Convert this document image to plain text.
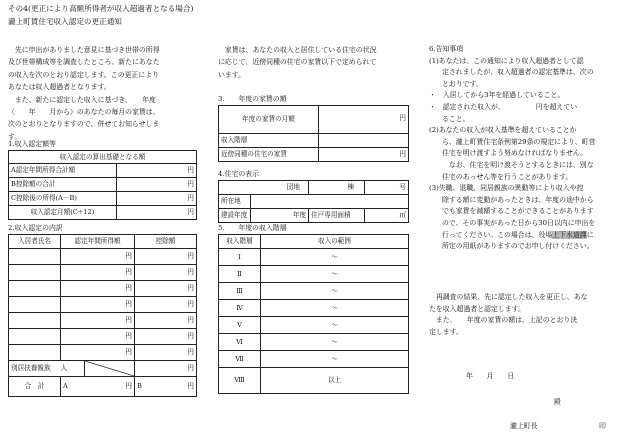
その4(更正により高額所得者が収入超過者となる場合)
瀧上町賃住宅収入認定の更正通知

　先に申出がありました意見に基づき世帯の所得

及び世帯構成等を調査したところ、新たにあなた

の収入を次のとおり認定します。この更正により

あなたは収入超過者となります。

　また、新たに認定した収入に基づき、　　年度

（　　年　　月から）のあなたの毎月の家賃は、

次のとおりとなりますので、併せてお知らせしま

す。

1.収入認定額等
収入認定の算出基礎となる額	
A認定年間所得合計額	円
B控除額の合計	円
C控除後の所得(A－B)	円
収入認定月額(C÷12)	円
2.収入認定の内訳
入居者氏名	認定年間所得額		控除額
	円		円
	円		円
	円		円
	円		円
	円		円
	円		円
	円		円
別居扶養親族 人			円
合　計	A 円		B 円

　家賃は、あなたの収入と居住している住宅の状況

に応じて、近傍同種の住宅の家賃以下で定められて

います。

3.　　年度の家賃の額
年度の家賃の月額	円
収入階層	
近傍同種の住宅の家賃	円
4.住宅の表示
団地		棟	号
所在地			
建設年度	年度	住戸専用面積	㎡
5.　　年度の収入階層
収入階層	収入の範囲
Ⅰ	～
Ⅱ	～
Ⅲ	～
Ⅳ	～
Ⅴ	～
Ⅵ	～
Ⅶ	～
Ⅷ	以上

6.告知事項

(1)あなたは、この通知により収入超過者として認

定されましたが、収入超過者の認定基準は、次の

とおりです。

・　入居してから3年を経過していること。

・　認定された収入が、　　　　　円を超えてい

ること。

(2)あなたの収入が収入基準を超えていることか

ら、瀧上町賃住宅条例第29条の規定により、町営

住宅を明け渡すよう努めなければなりません。

　なお、住宅を明け渡そうとするときには、別な

住宅のあっせん等を行うことがあります。

(3)失職、退職、同居親族の異動等により収入や控

除する額に変動があったときは、年度の途中から

でも家賃を減額することができることがあります

ので、その事実があった日から30日以内に申出を

行ってください。この場合は、役場上下水道課に

所定の用紙がありますのでお申し付けください。

　再調査の結果、先に認定した収入を更正し、あな

たを収入超過者と認定します。

　また、　　年度の家賃の額は、上記のとおり決

定します。

年　　月　　日
殿
瀧上町長	印
